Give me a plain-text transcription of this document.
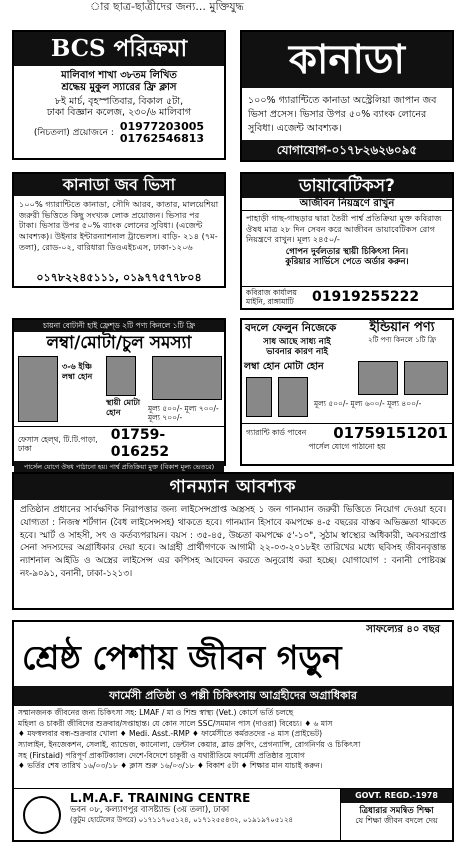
ার ছাত্র-ছাত্রীদের জন্য... মুক্তিযুদ্ধ
BCS পরিক্রমা
মালিবাগ শাখা ৩৮তম লিখিত
শ্রদ্ধেয় মুকুল স্যারের ফ্রি ক্লাস
৮ই মার্চ, বৃহস্পতিবার, বিকাল ৫টা,
ঢাকা বিজ্ঞান কলেজ, ২৩০/৬ মালিবাগ
(নিচতলা) প্রয়োজনে :
01977203005
01762546813
কানাডা
১০০% গ্যারান্টিতে কানাডা অস্ট্রেলিয়া জাপান জব ভিসা প্রসেস। ভিসার উপর ৫০% ব্যাংক লোনের সুবিধা। এজেন্ট আবশ্যক।
যোগাযোগ-০১৭৮২৬২৬০৯৫
কানাডা জব ভিসা
১০০% গ্যারান্টিতে কানাডা, সৌদি আরব, কাতার, মালয়েশিয়া জরুরী ভিত্তিতে কিছু সংখ্যক লোক প্রয়োজন। ভিসার পর টাকা। ভিসার উপর ৫০% ব্যাংক লোনের সুবিধা। (এজেন্ট আবশ্যক)। উইনার ইন্টারন্যাশনাল ট্রাভেলস। বাড়ি- ২১৪ (৭ম-তলা), রোড-০২, বারিধারা ডিওএইচএস, ঢাকা-১২০৬
০১৭৮২২৪৫১১১, ০১৯৭৭৫৭৭৮০৪
ডায়াবেটিকস?
আজীবন নিয়ন্ত্রণে রাখুন
পাহাড়ী গাছ-গাছড়ার দ্বারা তৈরী পার্শ্ব প্রতিক্রিয়া মুক্ত কবিরাজ ঔষধ মাত্র ২৮ দিন সেবন করে আজীবন ডায়াবেটিকস রোগ নিয়ন্ত্রণে রাখুন। মূল্য ২৪৫০/-
গোপন দুর্বলতার স্থায়ী চিকিৎসা নিন।
কুরিয়ার সার্ভিসে পেতে অর্ডার করুন।
কবিরাজ কার্যালয় মাইনি, রাঙ্গামাটি	01919255222
চায়না বোটানী হাই ফ্রেশ্ড ২টি পণ্য কিনলে ১টি ফ্রি
লম্বা/মোটা/চুল সমস্যা
৩-৬ ইঞ্চি লম্বা হোন
স্থায়ী মোটা হোন	মূল্য ৫০০/- মূল্য ৭০০/- মূল্য ৭০০/-
ফেসাস হেল্থ, টি.টি.পাড়া, ঢাকা
01759-016252
পার্সেল যোগে ঔষধ পাঠানো হয়। পার্শ্ব প্রতিক্রিয়া মুক্ত (বিকাশ মূল্য ভেতরে)
বদলে ফেলুন নিজেকে
সাধ আছে সাধ্য নাই
ভাবনার কারণ নাই
ইন্ডিয়ান পণ্য
২টি পণ্য কিনলে ১টি ফ্রি
লম্বা হোন মোটা হোন
মূল্য ৫০০/- মূল্য ৬০০/- মূল্য ৪০০/-
গ্যারান্টি কার্ড পাবেন 01759151201
পার্সেল যোগে পাঠানো হয়
গানম্যান আবশ্যক
প্রতিষ্ঠান প্রধানের সার্বক্ষণিক নিরাপত্তার জন্য লাইসেন্সপ্রাপ্ত অস্ত্রসহ ১ জন গানম্যান জরুরী ভিত্তিতে নিয়োগ দেওয়া হবে। যোগ্যতা : নিজস্ব শর্টগান (বৈধ লাইসেন্সসহ) থাকতে হবে। গানম্যান হিসাবে কমপক্ষে ৪-৫ বছরের বাস্তব অভিজ্ঞতা থাকতে হবে। স্মার্ট ও সাহসী, সৎ ও কর্তব্যপরায়ন। বয়স : ৩৫-৪৫, উচ্চতা কমপক্ষে ৫'-১০", সুঠাম স্বাস্থ্যের অধিকারী, অবসরপ্রাপ্ত সেনা সদস্যদের অগ্রাধিকার দেয়া হবে। আগ্রহী প্রার্থীগণকে আগামী ২২-০৩-২০১৮ইং তারিখের মধ্যে ছবিসহ জীবনবৃত্তান্ত ন্যাশনাল আইডি ও অস্ত্রের লাইসেন্স এর কপিসহ আবেদন করতে অনুরোধ করা হচ্ছে। যোগাযোগ : বনানী পোষ্টবক্স নং-৯০৯১, বনানী, ঢাকা-১২১৩।
সাফল্যের ৪০ বছর
শ্রেষ্ঠ পেশায় জীবন গড়ুন
ফার্মেসী প্রতিষ্ঠা ও পল্লী চিকিৎসায় আগ্রহীদের অগ্রাধিকার
সম্মানজনক জীবনের জন্য চিকিৎসা সহ: LMAF / মা ও শিশু স্বাস্থ্য (Vet.) কোর্সে ভর্তি চলছে
মহিলা ও চাকরী জীবিদের শুক্রবার/সপ্তাহান্ত। যে কোন সালে SSC/সমমান পাস (দাওরা) বিবেচ্য। ♦ ৬ মাস
♦ মফস্বলবার বন্ধ-শুক্রবার খোলা ♦ Medi. Asst.-RMP ♦ ফার্মেসীতে কর্মরতদের -৪ মাস (প্রাইভেট)
স্যালাইন, ইনজেকশন, সেলাই, ব্যান্ডেজ, ক্যানোলা, ডেন্টাল কেয়ার, ব্লাড গ্রুপিং, প্রেগন্যান্সি, রোগনির্ণয় ও চিকিৎসা
সহ (Firstaid) পরিপূর্ণ প্রাকটিক্যাল। দেশে-বিদেশে চাকুরী ও যথারীতিমে ফার্মেসী প্রতিষ্ঠার সুযোগ
♦ ভর্তির শেষ তারিখ ১৬/০৩/১৮ ♦ ক্লাস শুরু ১৬/০৩/১৮ ♦ বিকাশ ৫টা ♦ শিক্ষার মান যাচাই করুন।
L.M.A.F. TRAINING CENTRE
ভবন ০৮, কল্যাণপুর বাসষ্ট্যান্ড (৩য় তলা), ঢাকা
(কুটুম হোটেলের উপরে) ০১৭১১৭০৫১২৪, ০১৭১২৫৫৪৩২, ০১৯১৯৭০৫১২৪
GOVT. REGD.-1978
ত্রিধারার সমন্বিত শিক্ষা
যে শিক্ষা জীবন বদলে দেয়
